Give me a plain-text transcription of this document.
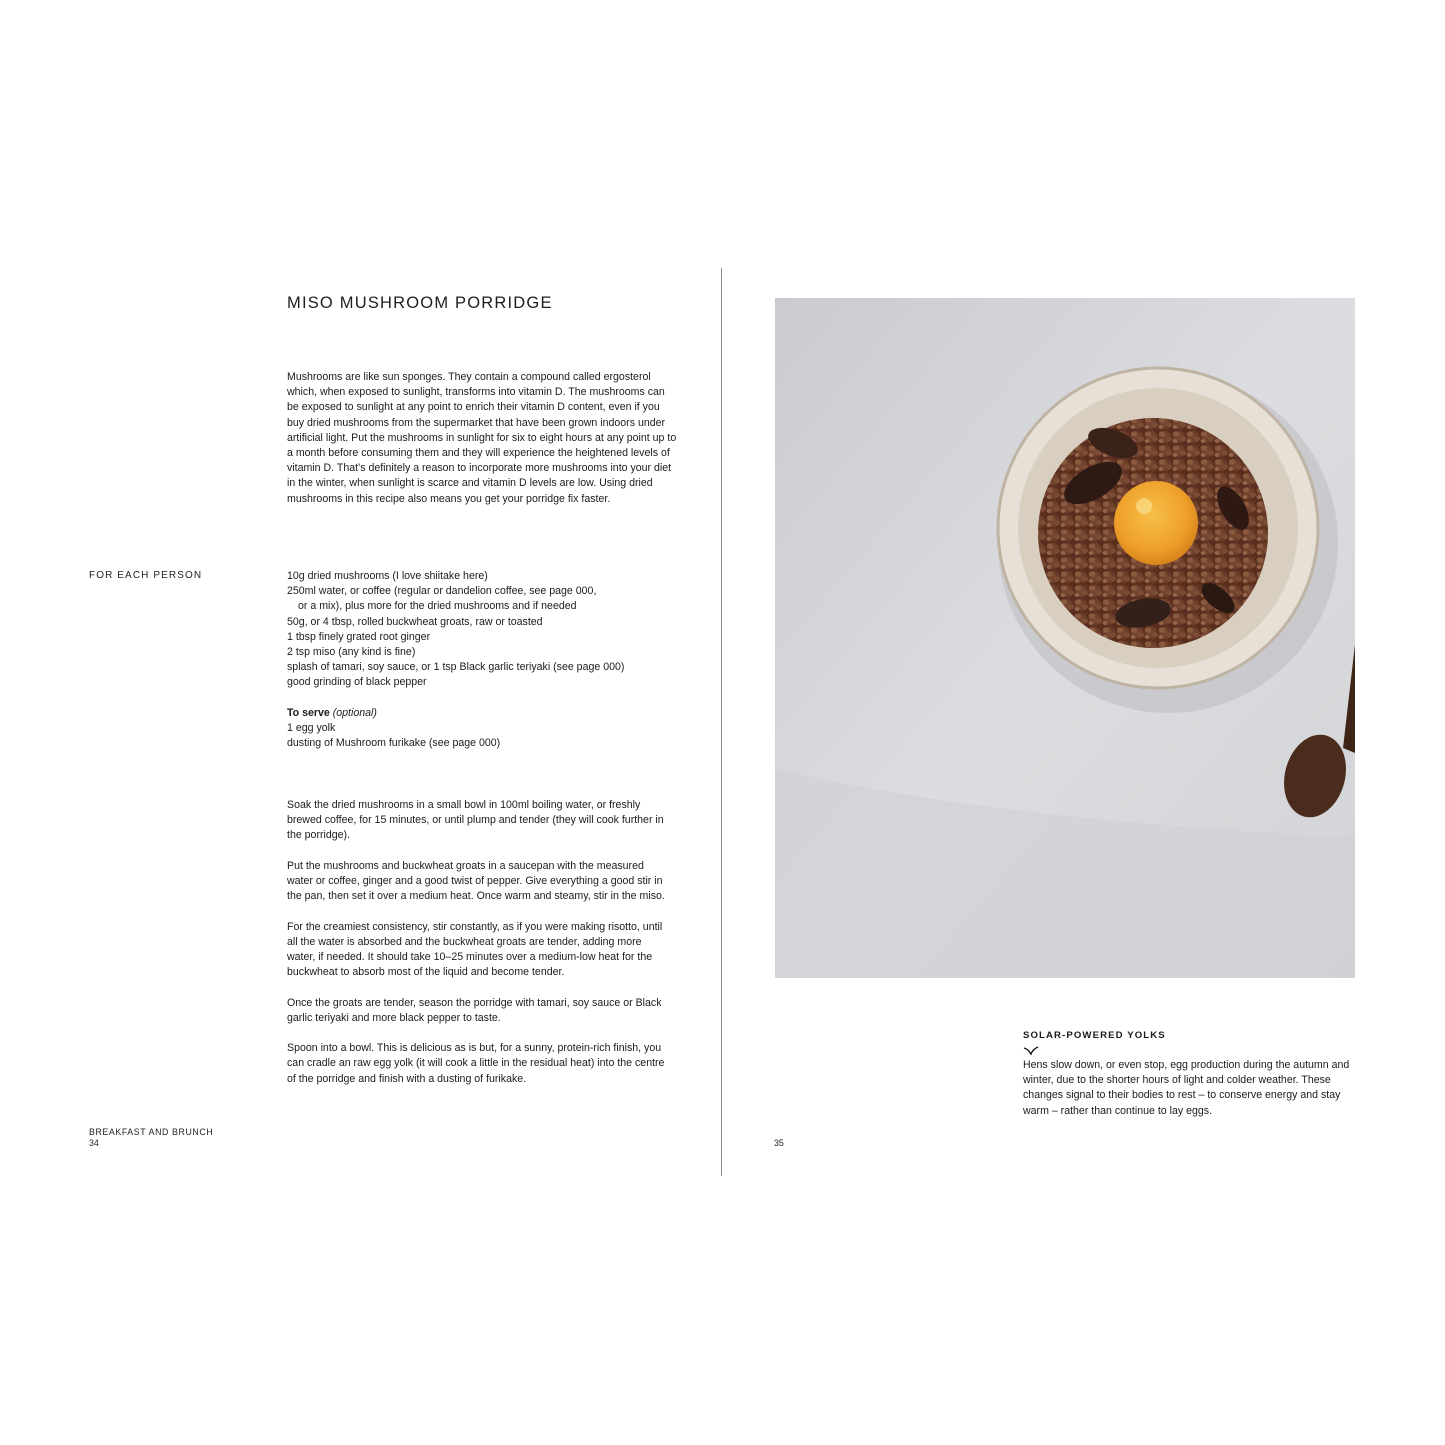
MISO MUSHROOM PORRIDGE

Mushrooms are like sun sponges. They contain a compound called ergosterol which, when exposed to sunlight, transforms into vitamin D. The mushrooms can be exposed to sunlight at any point to enrich their vitamin D content, even if you buy dried mushrooms from the supermarket that have been grown indoors under artificial light. Put the mushrooms in sunlight for six to eight hours at any point up to a month before consuming them and they will experience the heightened levels of vitamin D. That’s definitely a reason to incorporate more mushrooms into your diet in the winter, when sunlight is scarce and vitamin D levels are low. Using dried mushrooms in this recipe also means you get your porridge fix faster.

FOR EACH PERSON	10g dried mushrooms (I love shiitake here)
250ml water, or coffee (regular or dandelion coffee, see page 000,
or a mix), plus more for the dried mushrooms and if needed
50g, or 4 tbsp, rolled buckwheat groats, raw or toasted
1 tbsp finely grated root ginger
2 tsp miso (any kind is fine)
splash of tamari, soy sauce, or 1 tsp Black garlic teriyaki (see page 000)
good grinding of black pepper
To serve (optional)
1 egg yolk
dusting of Mushroom furikake (see page 000)

Soak the dried mushrooms in a small bowl in 100ml boiling water, or freshly brewed coffee, for 15 minutes, or until plump and tender (they will cook further in the porridge).

Put the mushrooms and buckwheat groats in a saucepan with the measured water or coffee, ginger and a good twist of pepper. Give everything a good stir in the pan, then set it over a medium heat. Once warm and steamy, stir in the miso.

For the creamiest consistency, stir constantly, as if you were making risotto, until all the water is absorbed and the buckwheat groats are tender, adding more water, if needed. It should take 10–25 minutes over a medium-low heat for the buckwheat to absorb most of the liquid and become tender.

Once the groats are tender, season the porridge with tamari, soy sauce or Black garlic teriyaki and more black pepper to taste.

Spoon into a bowl. This is delicious as is but, for a sunny, protein-rich finish, you can cradle an raw egg yolk (it will cook a little in the residual heat) into the centre of the porridge and finish with a dusting of furikake.

BREAKFAST AND BRUNCH
34
SOLAR-POWERED YOLKS
Hens slow down, or even stop, egg production during the autumn and winter, due to the shorter hours of light and colder weather. These changes signal to their bodies to rest – to conserve energy and stay warm – rather than continue to lay eggs.
35
